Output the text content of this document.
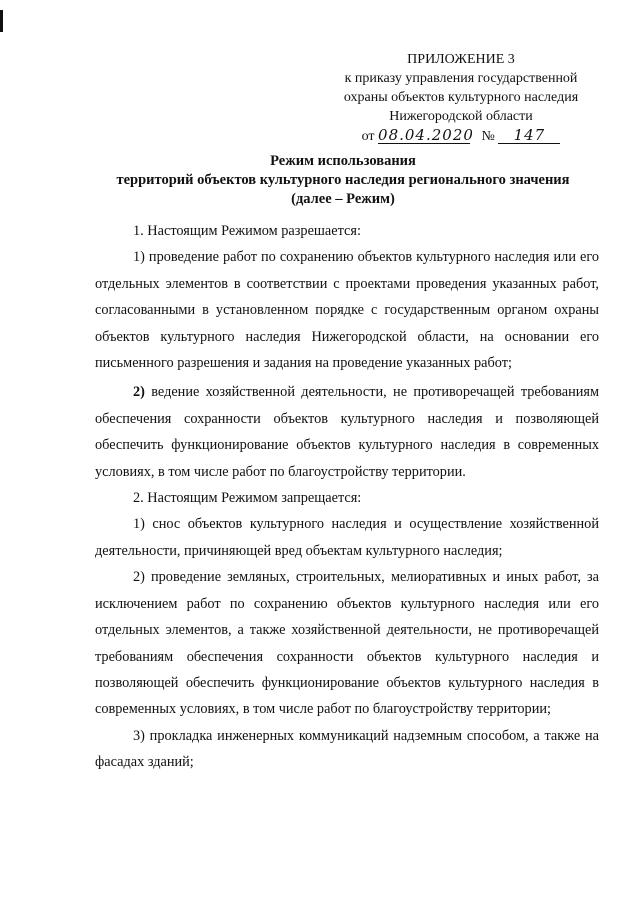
ПРИЛОЖЕНИЕ 3
к приказу управления государственной
охраны объектов культурного наследия
Нижегородской области
от 08.04.2020 № 147
Режим использования
территорий объектов культурного наследия регионального значения
(далее – Режим)

1. Настоящим Режимом разрешается:

1) проведение работ по сохранению объектов культурного наследия или его отдельных элементов в соответствии с проектами проведения указанных работ, согласованными в установленном порядке с государственным органом охраны объектов культурного наследия Нижегородской области, на основании его письменного разрешения и задания на проведение указанных работ;

2) ведение хозяйственной деятельности, не противоречащей требованиям обеспечения сохранности объектов культурного наследия и позволяющей обеспечить функционирование объектов культурного наследия в современных условиях, в том числе работ по благоустройству территории.

2. Настоящим Режимом запрещается:

1) снос объектов культурного наследия и осуществление хозяйственной деятельности, причиняющей вред объектам культурного наследия;

2) проведение земляных, строительных, мелиоративных и иных работ, за исключением работ по сохранению объектов культурного наследия или его отдельных элементов, а также хозяйственной деятельности, не противоречащей требованиям обеспечения сохранности объектов культурного наследия и позволяющей обеспечить функционирование объектов культурного наследия в современных условиях, в том числе работ по благоустройству территории;

3) прокладка инженерных коммуникаций надземным способом, а также на фасадах зданий;
